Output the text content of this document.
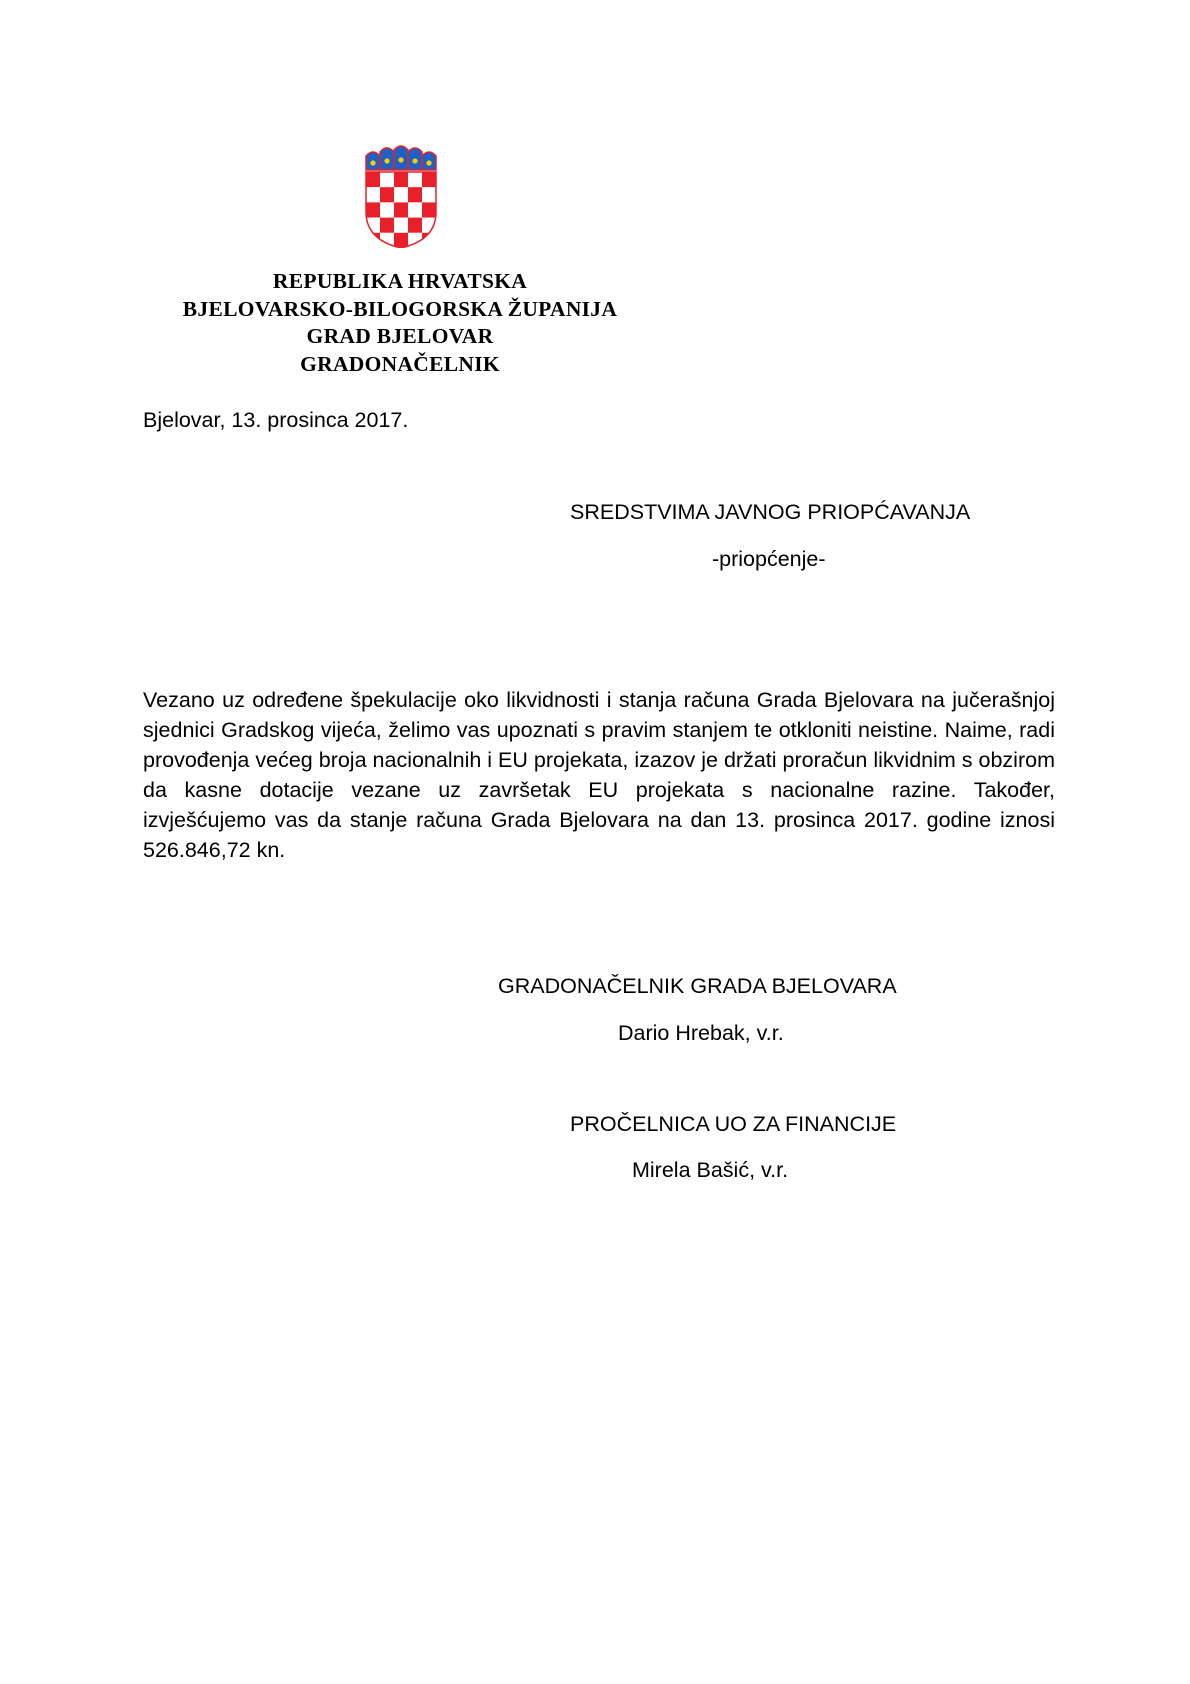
REPUBLIKA HRVATSKA
BJELOVARSKO-BILOGORSKA ŽUPANIJA
GRAD BJELOVAR
GRADONAČELNIK
Bjelovar, 13. prosinca 2017.
SREDSTVIMA JAVNOG PRIOPĆAVANJA
-priopćenje-
Vezano uz određene špekulacije oko likvidnosti i stanja računa Grada Bjelovara na jučerašnjoj sjednici Gradskog vijeća, želimo vas upoznati s pravim stanjem te otkloniti neistine. Naime, radi provođenja većeg broja nacionalnih i EU projekata, izazov je držati proračun likvidnim s obzirom da kasne dotacije vezane uz završetak EU projekata s nacionalne razine. Također, izvješćujemo vas da stanje računa Grada Bjelovara na dan 13. prosinca 2017. godine iznosi 526.846,72 kn.
GRADONAČELNIK GRADA BJELOVARA
Dario Hrebak, v.r.
PROČELNICA UO ZA FINANCIJE
Mirela Bašić, v.r.
